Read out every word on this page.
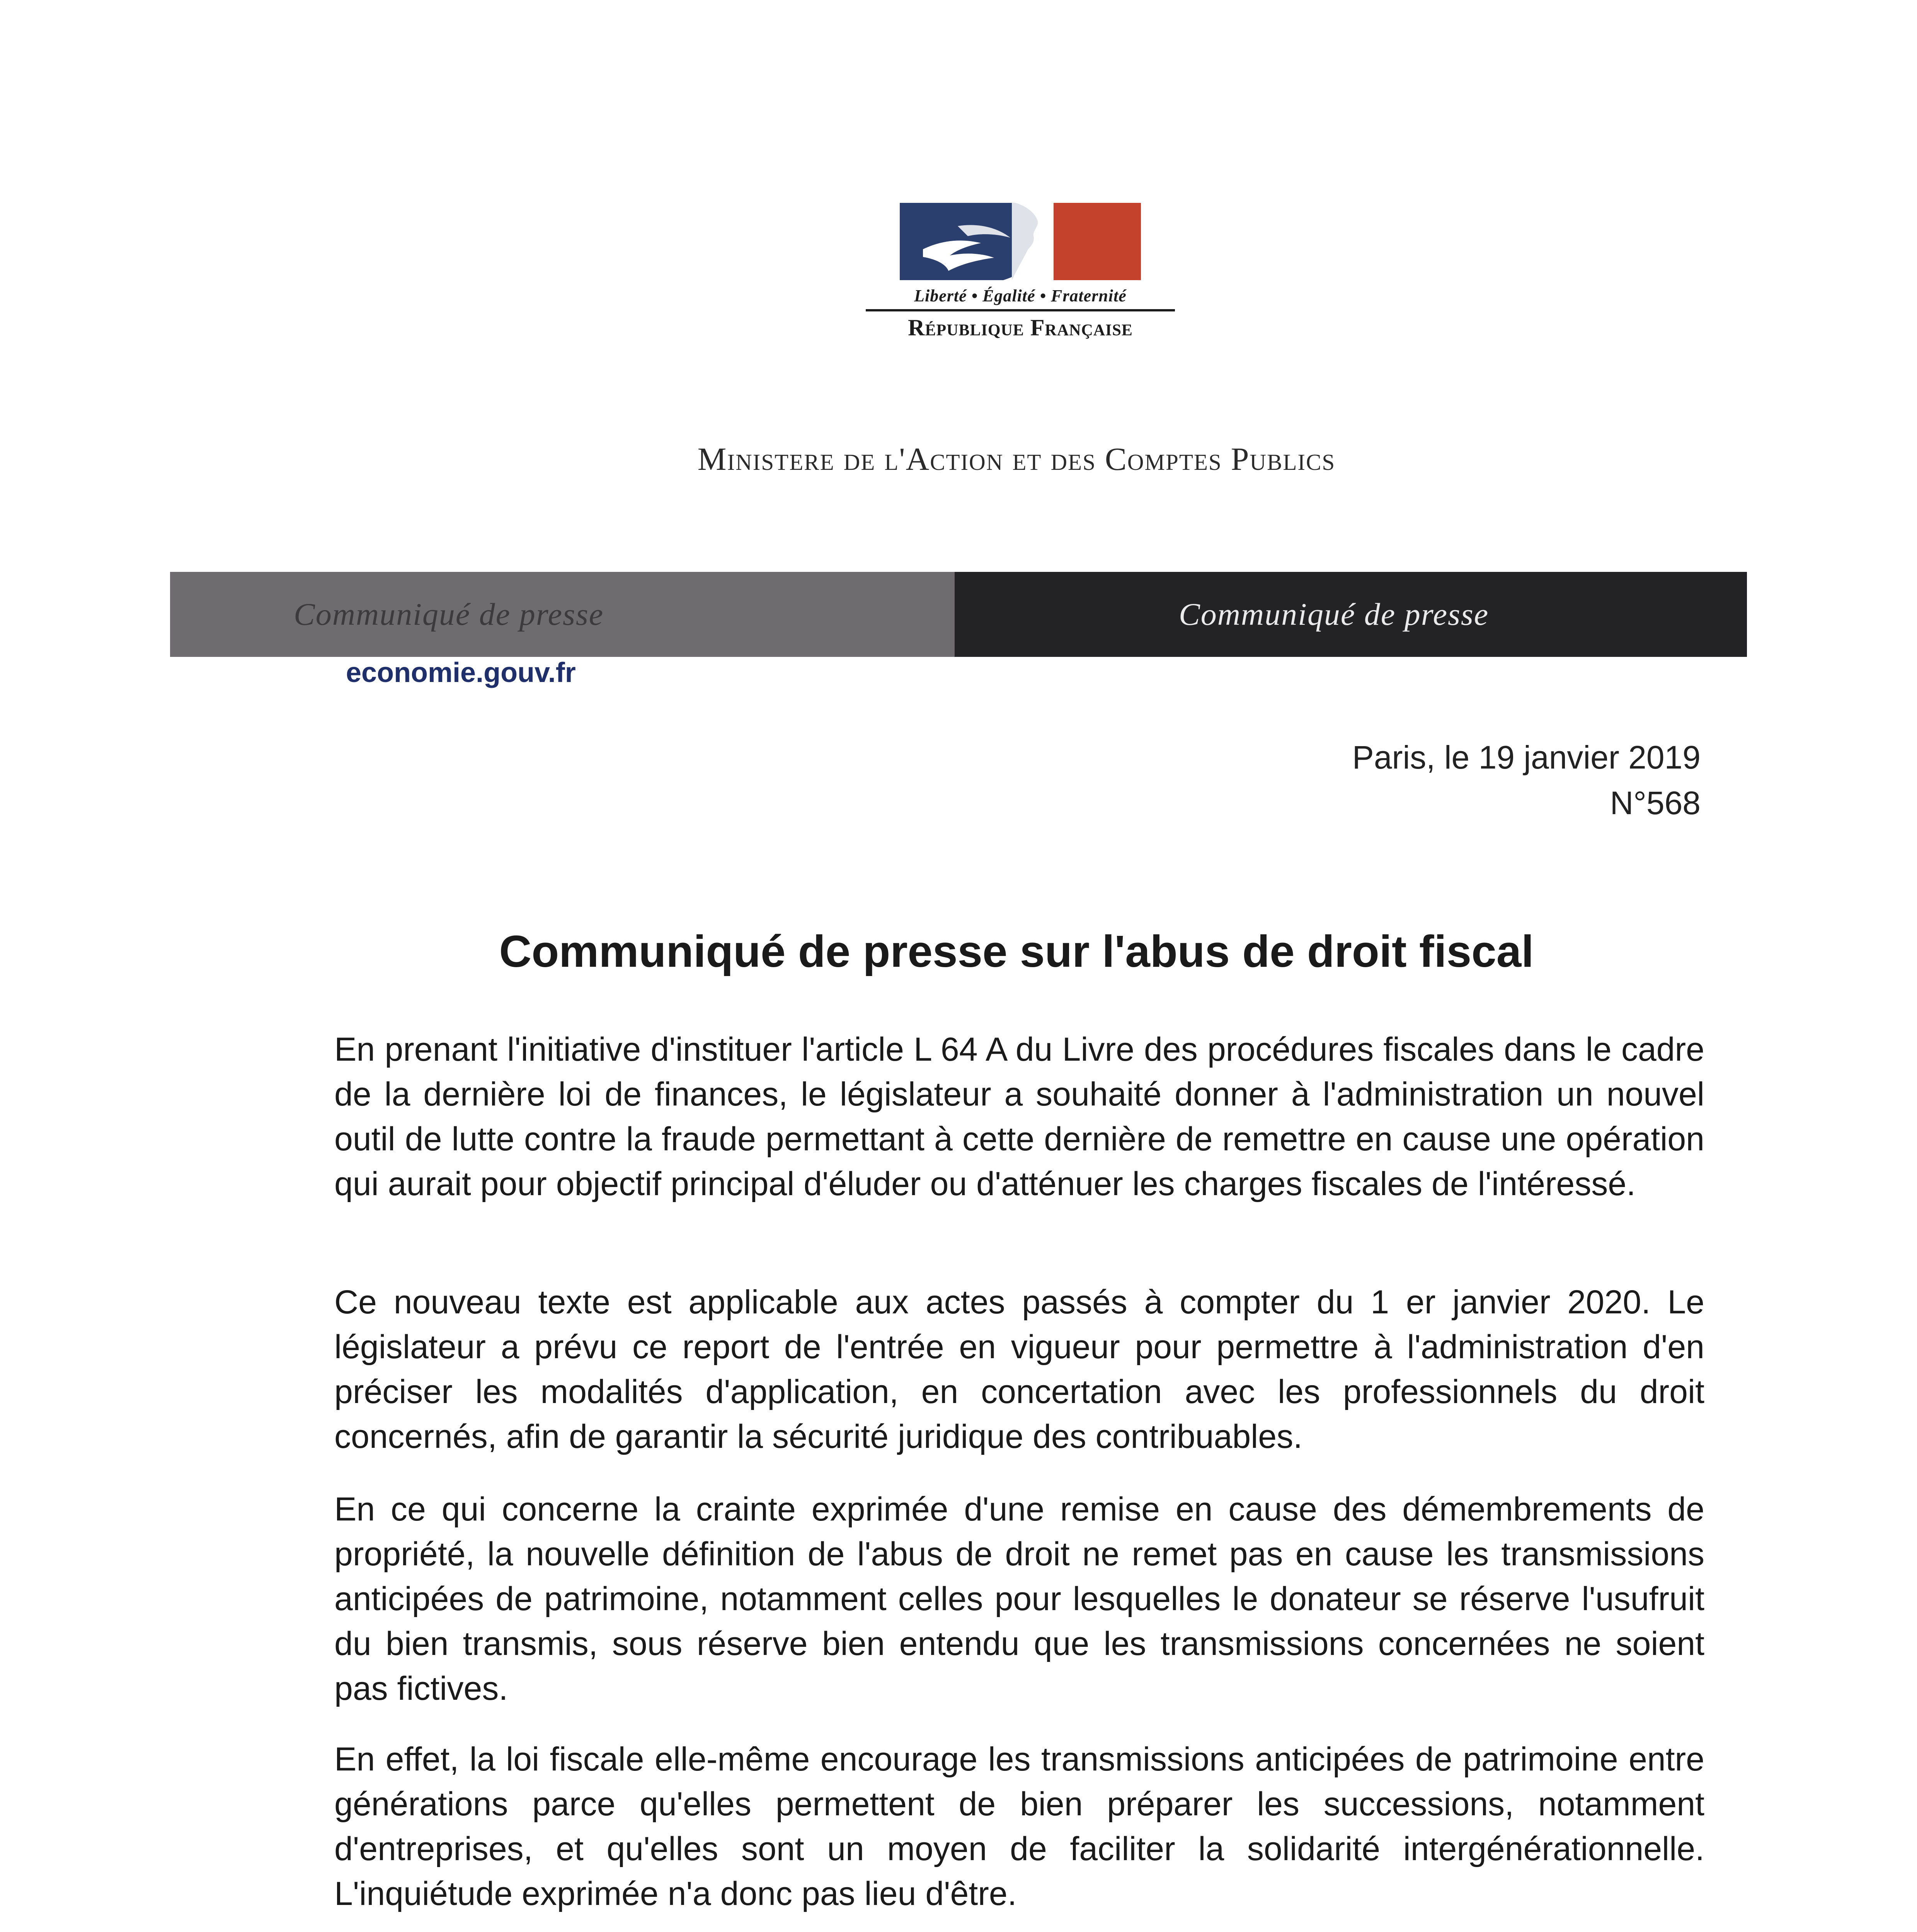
Liberté • Égalité • Fraternité
République Française
Ministere de l'Action et des Comptes Publics
Communiqué de presse	Communiqué de presse
economie.gouv.fr
Paris, le 19 janvier 2019
N°568
Communiqué de presse sur l'abus de droit fiscal

En prenant l'initiative d'instituer l'article L 64 A du Livre des procédures fiscales dans le cadre de la dernière loi de finances, le législateur a souhaité donner à l'administration un nouvel outil de lutte contre la fraude permettant à cette dernière de remettre en cause une opération qui aurait pour objectif principal d'éluder ou d'atténuer les charges fiscales de l'intéressé.

Ce nouveau texte est applicable aux actes passés à compter du 1 er janvier 2020. Le législateur a prévu ce report de l'entrée en vigueur pour permettre à l'administration d'en préciser les modalités d'application, en concertation avec les professionnels du droit concernés, afin de garantir la sécurité juridique des contribuables.

En ce qui concerne la crainte exprimée d'une remise en cause des démembrements de propriété, la nouvelle définition de l'abus de droit ne remet pas en cause les transmissions anticipées de patrimoine, notamment celles pour lesquelles le donateur se réserve l'usufruit du bien transmis, sous réserve bien entendu que les transmissions concernées ne soient pas fictives.

En effet, la loi fiscale elle-même encourage les transmissions anticipées de patrimoine entre générations parce qu'elles permettent de bien préparer les successions, notamment d'entreprises, et qu'elles sont un moyen de faciliter la solidarité intergénérationnelle. L'inquiétude exprimée n'a donc pas lieu d'être.
